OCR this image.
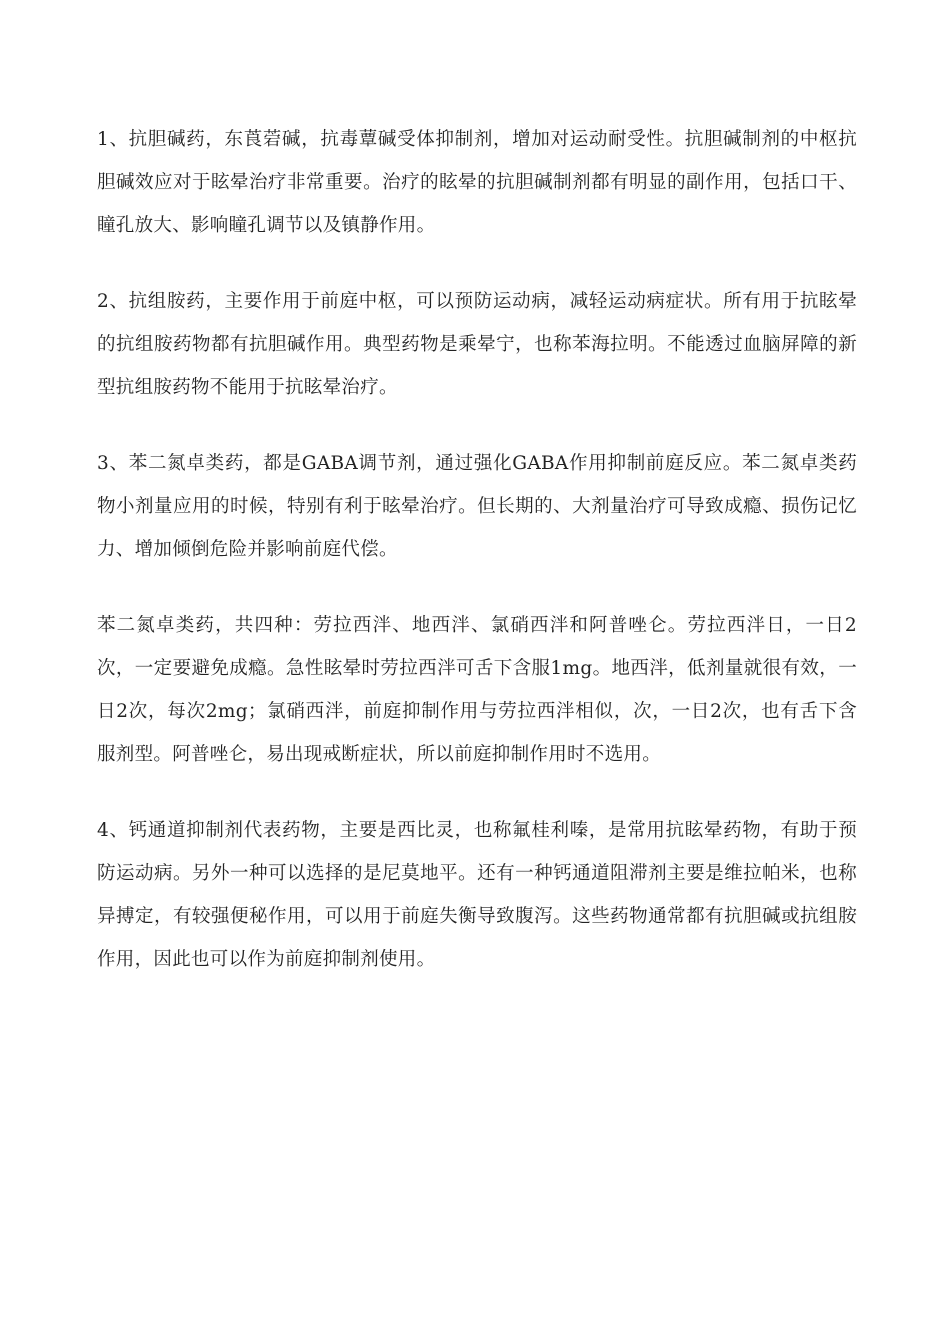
1、抗胆碱药，东莨菪碱，抗毒蕈碱受体抑制剂，增加对运动耐受性。抗胆碱制剂的中枢抗胆碱效应对于眩晕治疗非常重要。治疗的眩晕的抗胆碱制剂都有明显的副作用，包括口干、瞳孔放大、影响瞳孔调节以及镇静作用。

2、抗组胺药，主要作用于前庭中枢，可以预防运动病，减轻运动病症状。所有用于抗眩晕的抗组胺药物都有抗胆碱作用。典型药物是乘晕宁，也称苯海拉明。不能透过血脑屏障的新型抗组胺药物不能用于抗眩晕治疗。

3、苯二氮卓类药，都是GABA调节剂，通过强化GABA作用抑制前庭反应。苯二氮卓类药物小剂量应用的时候，特别有利于眩晕治疗。但长期的、大剂量治疗可导致成瘾、损伤记忆力、增加倾倒危险并影响前庭代偿。

苯二氮卓类药，共四种：劳拉西泮、地西泮、氯硝西泮和阿普唑仑。劳拉西泮日，一日2次，一定要避免成瘾。急性眩晕时劳拉西泮可舌下含服1mg。地西泮，低剂量就很有效，一日2次，每次2mg；氯硝西泮，前庭抑制作用与劳拉西泮相似，次，一日2次，也有舌下含服剂型。阿普唑仑，易出现戒断症状，所以前庭抑制作用时不选用。

4、钙通道抑制剂代表药物，主要是西比灵，也称氟桂利嗪，是常用抗眩晕药物，有助于预防运动病。另外一种可以选择的是尼莫地平。还有一种钙通道阻滞剂主要是维拉帕米，也称异搏定，有较强便秘作用，可以用于前庭失衡导致腹泻。这些药物通常都有抗胆碱或抗组胺作用，因此也可以作为前庭抑制剂使用。
